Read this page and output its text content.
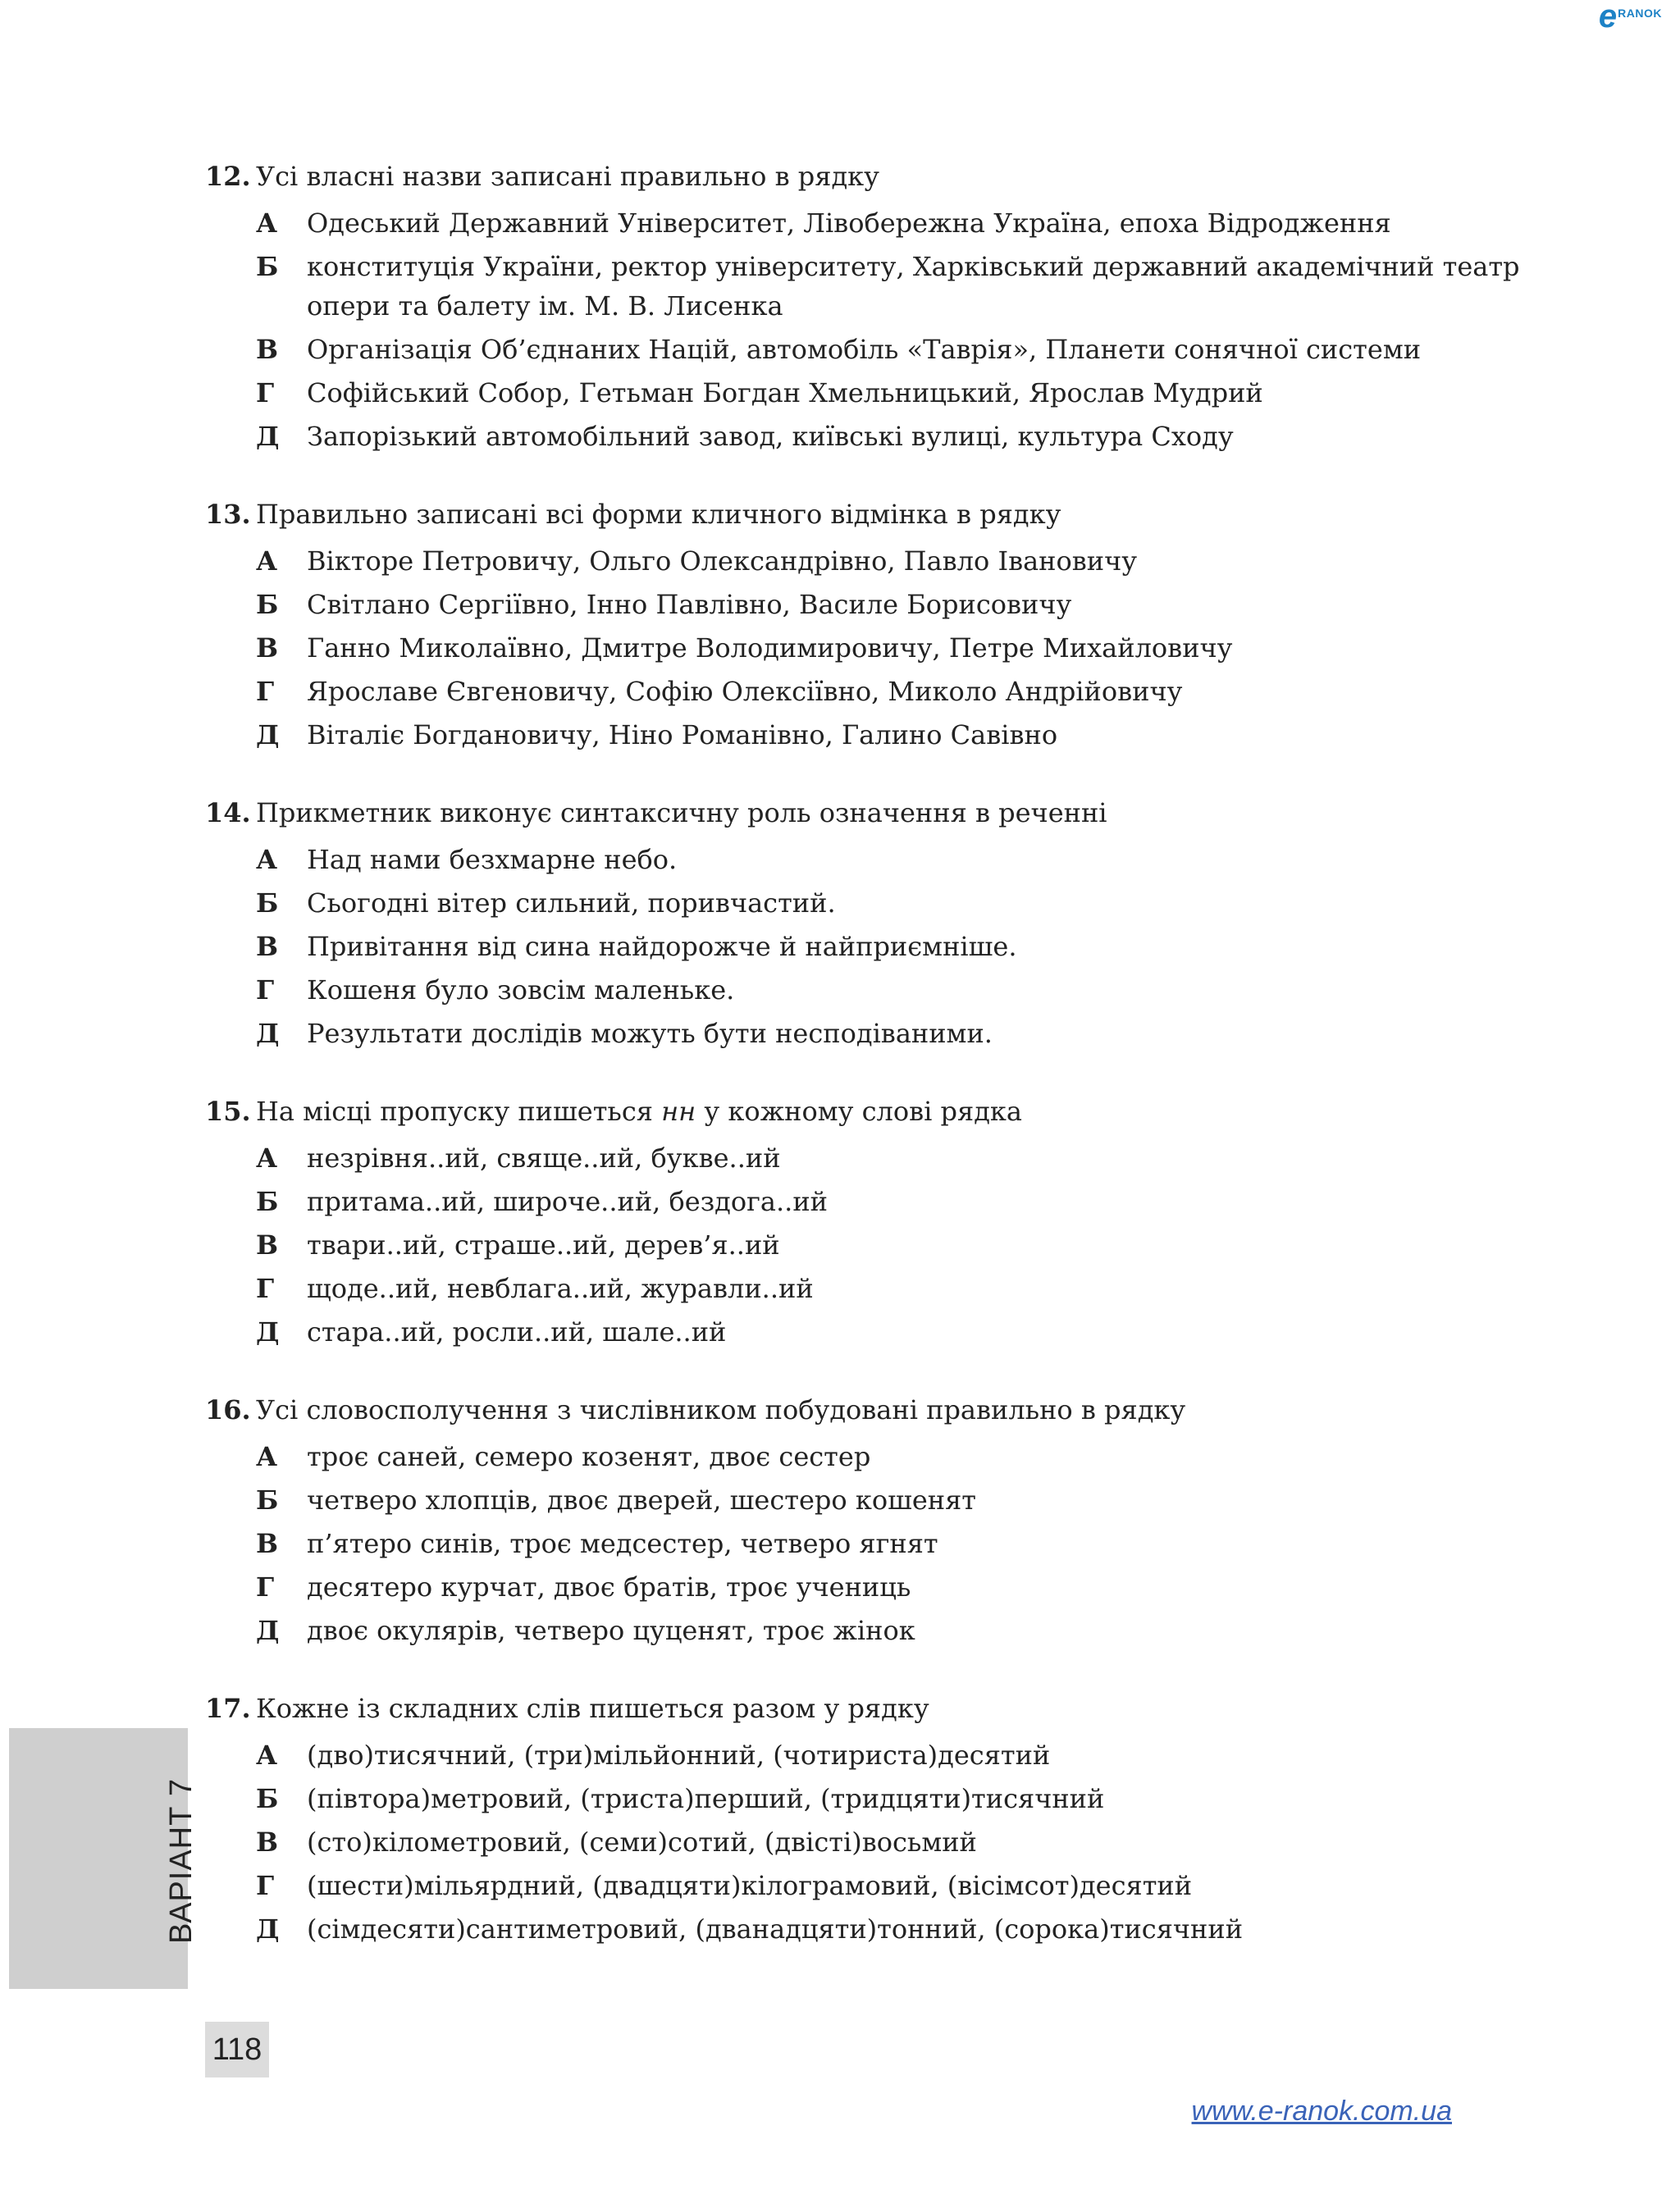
e RANOK
12. Усі власні назви записані правильно в рядку
А	Одеський Державний Університет, Лівобережна Україна, епоха Відродження
Б	конституція України, ректор університету, Харківський державний академічний театр опери та балету ім. М. В. Лисенка
В	Організація Об’єднаних Націй, автомобіль «Таврія», Планети сонячної системи
Г	Софійський Собор, Гетьман Богдан Хмельницький, Ярослав Мудрий
Д	Запорізький автомобільний завод, київські вулиці, культура Сходу
13. Правильно записані всі форми кличного відмінка в рядку
А	Вікторе Петровичу, Ольго Олександрівно, Павло Івановичу
Б	Світлано Сергіївно, Інно Павлівно, Василе Борисовичу
В	Ганно Миколаївно, Дмитре Володимировичу, Петре Михайловичу
Г	Ярославе Євгеновичу, Софію Олексіївно, Миколо Андрійовичу
Д	Віталіє Богдановичу, Ніно Романівно, Галино Савівно
14. Прикметник виконує синтаксичну роль означення в реченні
А	Над нами безхмарне небо.
Б	Сьогодні вітер сильний, поривчастий.
В	Привітання від сина найдорожче й найприємніше.
Г	Кошеня було зовсім маленьке.
Д	Результати дослідів можуть бути несподіваними.
15. На місці пропуску пишеться нн у кожному слові рядка
А	незрівня..ий, свяще..ий, букве..ий
Б	притама..ий, широче..ий, бездога..ий
В	твари..ий, страше..ий, дерев’я..ий
Г	щоде..ий, невблага..ий, журавли..ий
Д	стара..ий, росли..ий, шале..ий
16. Усі словосполучення з числівником побудовані правильно в рядку
А	троє саней, семеро козенят, двоє сестер
Б	четверо хлопців, двоє дверей, шестеро кошенят
В	п’ятеро синів, троє медсестер, четверо ягнят
Г	десятеро курчат, двоє братів, троє учениць
Д	двоє окулярів, четверо цуценят, троє жінок
17. Кожне із складних слів пишеться разом у рядку
А	(дво)тисячний, (три)мільйонний, (чотириста)десятий
Б	(півтора)метровий, (триста)перший, (тридцяти)тисячний
В	(сто)кілометровий, (семи)сотий, (двісті)восьмий
Г	(шести)мільярдний, (двадцяти)кілограмовий, (вісімсот)десятий
Д	(сімдесяти)сантиметровий, (дванадцяти)тонний, (сорока)тисячний
ВАРІАНТ 7
118
www.e-ranok.com.ua
